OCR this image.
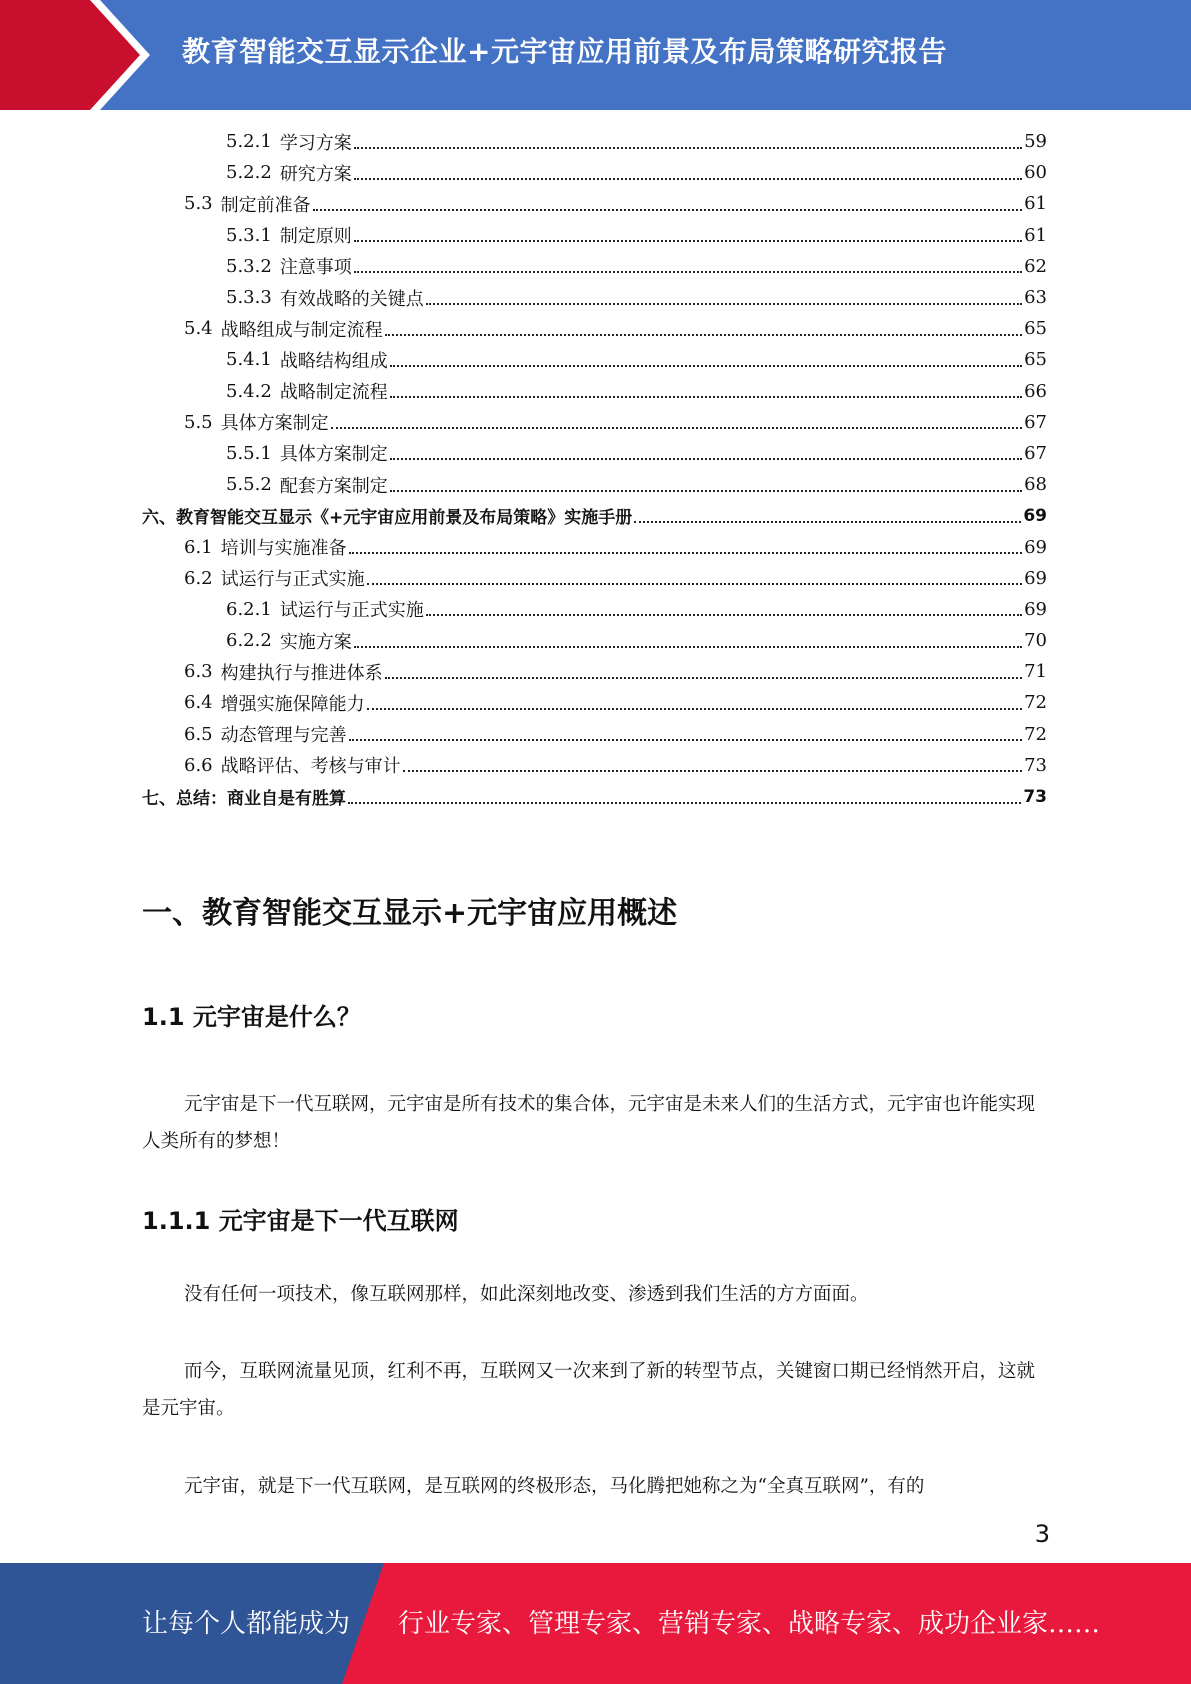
教育智能交互显示企业+元宇宙应用前景及布局策略研究报告
5.2.1 学习方案	59
5.2.2 研究方案	60
5.3 制定前准备	61
5.3.1 制定原则	61
5.3.2 注意事项	62
5.3.3 有效战略的关键点	63
5.4 战略组成与制定流程	65
5.4.1 战略结构组成	65
5.4.2 战略制定流程	66
5.5 具体方案制定	67
5.5.1 具体方案制定	67
5.5.2 配套方案制定	68
六、 教育智能交互显示《+元宇宙应用前景及布局策略》实施手册	69
6.1 培训与实施准备	69
6.2 试运行与正式实施	69
6.2.1 试运行与正式实施	69
6.2.2 实施方案	70
6.3 构建执行与推进体系	71
6.4 增强实施保障能力	72
6.5 动态管理与完善	72
6.6 战略评估、考核与审计	73
七、 总结：商业自是有胜算	73
一、教育智能交互显示+元宇宙应用概述
1.1 元宇宙是什么？

元宇宙是下一代互联网，元宇宙是所有技术的集合体，元宇宙是未来人们的生活方式，元宇宙也许能实现人类所有的梦想！

1.1.1 元宇宙是下一代互联网

没有任何一项技术，像互联网那样，如此深刻地改变、渗透到我们生活的方方面面。

而今，互联网流量见顶，红利不再，互联网又一次来到了新的转型节点，关键窗口期已经悄然开启，这就是元宇宙。

元宇宙，就是下一代互联网，是互联网的终极形态，马化腾把她称之为“全真互联网”，有的

3
让每个人都能成为 行业专家、管理专家、营销专家、战略专家、成功企业家……
